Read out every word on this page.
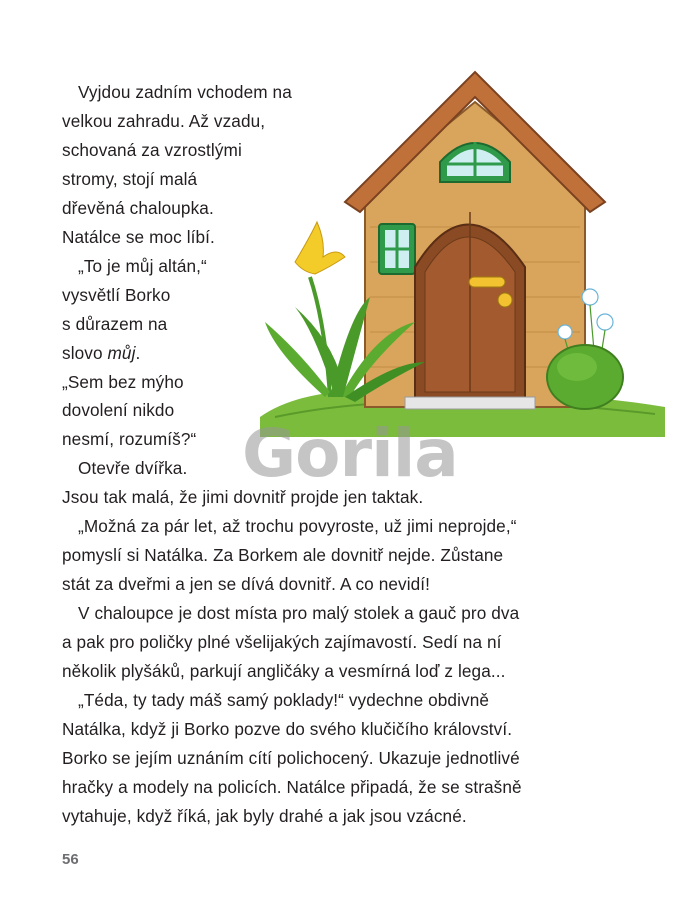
Vyjdou zadním vchodem na
velkou zahradu. Až vzadu,
schovaná za vzrostlými
stromy, stojí malá
dřevěná chaloupka.
Natálce se moc líbí.
„To je můj altán,“
vysvětlí Borko
s důrazem na
slovo můj.
„Sem bez mýho
dovolení nikdo
nesmí, rozumíš?“
Otevře dvířka.
Jsou tak malá, že jimi dovnitř projde jen taktak.
„Možná za pár let, až trochu povyroste, už jimi neprojde,“
pomyslí si Natálka. Za Borkem ale dovnitř nejde. Zůstane
stát za dveřmi a jen se dívá dovnitř. A co nevidí!
V chaloupce je dost místa pro malý stolek a gauč pro dva
a pak pro poličky plné všelijakých zajímavostí. Sedí na ní
několik plyšáků, parkují angličáky a vesmírná loď z lega...
„Téda, ty tady máš samý poklady!“ vydechne obdivně
Natálka, když ji Borko pozve do svého klučičího království.
Borko se jejím uznáním cítí polichocený. Ukazuje jednotlivé
hračky a modely na policích. Natálce připadá, že se strašně
vytahuje, když říká, jak byly drahé a jak jsou vzácné.
Gorila
56
